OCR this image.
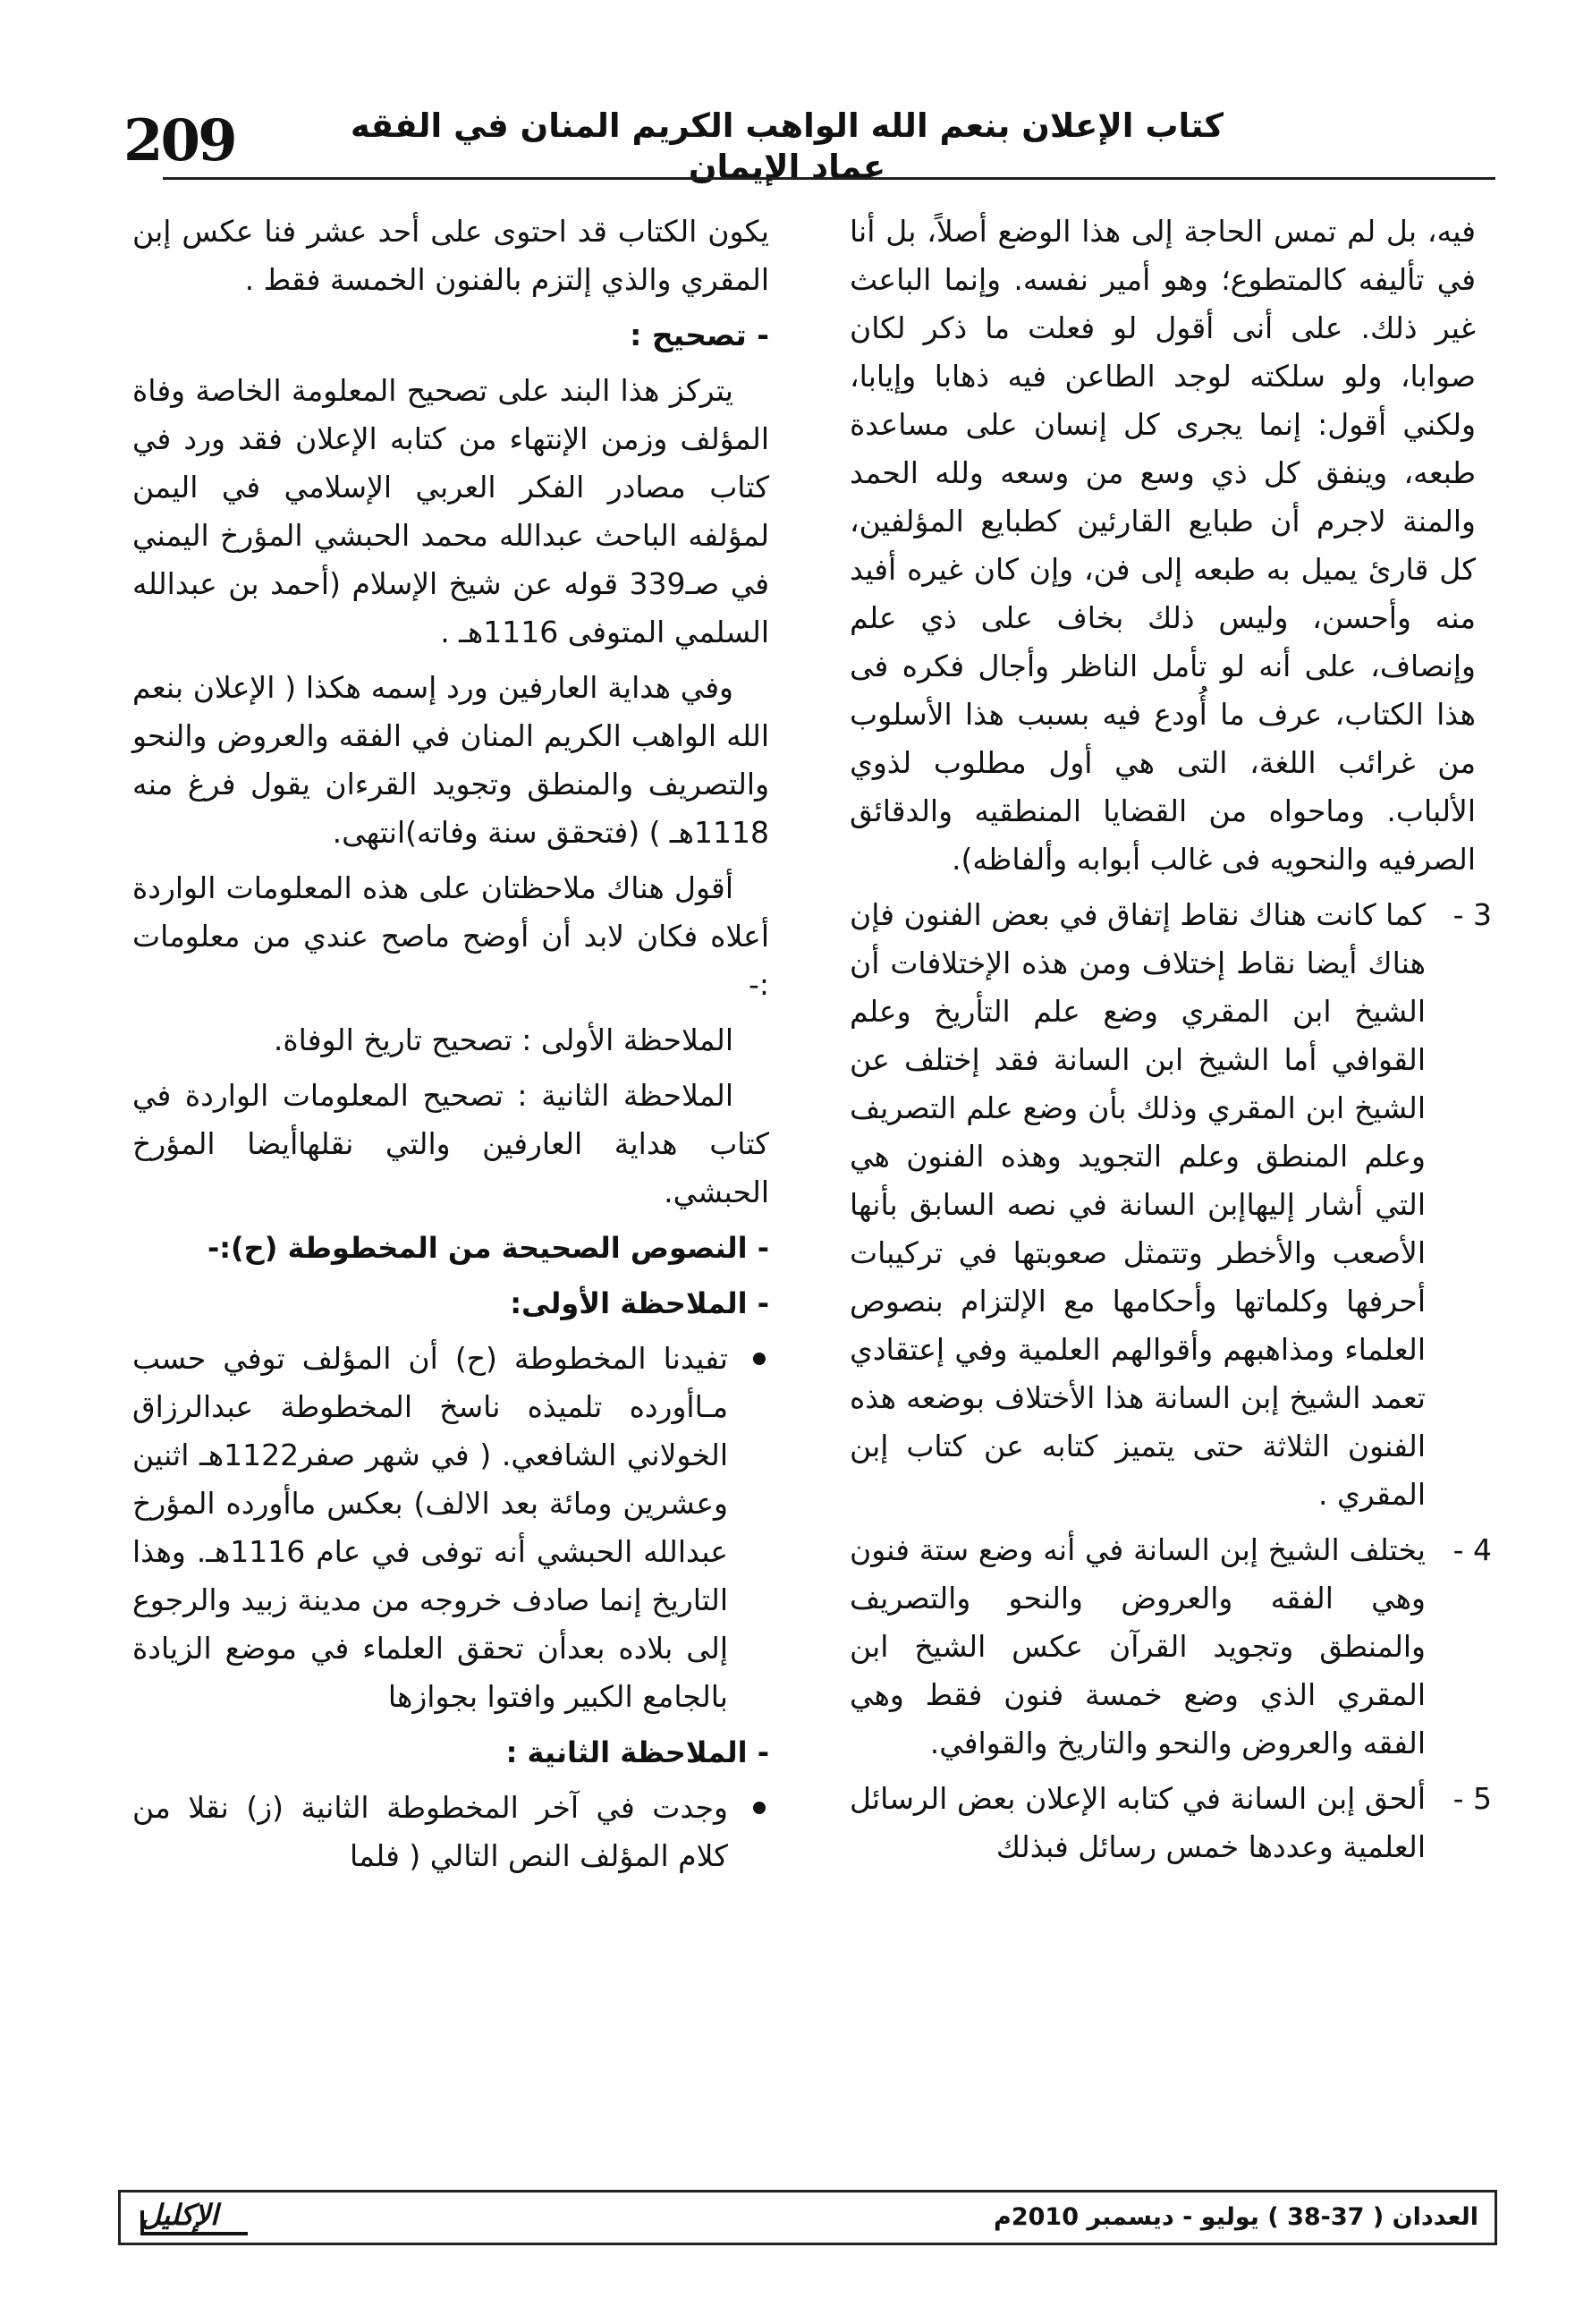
209	كتاب الإعلان بنعم الله الواهب الكريم المنان في الفقه عماد الإيمان

فيه، بل لم تمس الحاجة إلى هذا الوضع أصلاً، بل أنا في تأليفه كالمتطوع؛ وهو أمير نفسه. وإنما الباعث غير ذلك. على أنى أقول لو فعلت ما ذكر لكان صوابا، ولو سلكته لوجد الطاعن فيه ذهابا وإيابا، ولكني أقول: إنما يجرى كل إنسان على مساعدة طبعه، وينفق كل ذي وسع من وسعه ولله الحمد والمنة لاجرم أن طبايع القارئين كطبايع المؤلفين، كل قارئ يميل به طبعه إلى فن، وإن كان غيره أفيد منه وأحسن، وليس ذلك بخاف على ذي علم وإنصاف، على أنه لو تأمل الناظر وأجال فكره فى هذا الكتاب، عرف ما أُودع فيه بسبب هذا الأسلوب من غرائب اللغة، التى هي أول مطلوب لذوي الألباب. وماحواه من القضايا المنطقيه والدقائق الصرفيه والنحويه فى غالب أبوابه وألفاظه).

3 -
كما كانت هناك نقاط إتفاق في بعض الفنون فإن هناك أيضا نقاط إختلاف ومن هذه الإختلافات أن الشيخ ابن المقري وضع علم التأريخ وعلم القوافي أما الشيخ ابن السانة فقد إختلف عن الشيخ ابن المقري وذلك بأن وضع علم التصريف وعلم المنطق وعلم التجويد وهذه الفنون هي التي أشار إليهاإبن السانة في نصه السابق بأنها الأصعب والأخطر وتتمثل صعوبتها في تركيبات أحرفها وكلماتها وأحكامها مع الإلتزام بنصوص العلماء ومذاهبهم وأقوالهم العلمية وفي إعتقادي تعمد الشيخ إبن السانة هذا الأختلاف بوضعه هذه الفنون الثلاثة حتى يتميز كتابه عن كتاب إبن المقري .
4 -
يختلف الشيخ إبن السانة في أنه وضع ستة فنون وهي الفقه والعروض والنحو والتصريف والمنطق وتجويد القرآن عكس الشيخ ابن المقري الذي وضع خمسة فنون فقط وهي الفقه والعروض والنحو والتاريخ والقوافي.
5 -
ألحق إبن السانة في كتابه الإعلان بعض الرسائل العلمية وعددها خمس رسائل فبذلك

يكون الكتاب قد احتوى على أحد عشر فنا عكس إبن المقري والذي إلتزم بالفنون الخمسة فقط .

- تصحيح :

يتركز هذا البند على تصحيح المعلومة الخاصة وفاة المؤلف وزمن الإنتهاء من كتابه الإعلان فقد ورد في كتاب مصادر الفكر العربي الإسلامي في اليمن لمؤلفه الباحث عبدالله محمد الحبشي المؤرخ اليمني في صـ339 قوله عن شيخ الإسلام (أحمد بن عبدالله السلمي المتوفى 1116هـ .

وفي هداية العارفين ورد إسمه هكذا ( الإعلان بنعم الله الواهب الكريم المنان في الفقه والعروض والنحو والتصريف والمنطق وتجويد القرءان يقول فرغ منه 1118هـ ) (فتحقق سنة وفاته)انتهى.

أقول هناك ملاحظتان على هذه المعلومات الواردة أعلاه فكان لابد أن أوضح ماصح عندي من معلومات :-

الملاحظة الأولى : تصحيح تاريخ الوفاة.

الملاحظة الثانية : تصحيح المعلومات الواردة في كتاب هداية العارفين والتي نقلهاأيضا المؤرخ الحبشي.

- النصوص الصحيحة من المخطوطة (ح):-

- الملاحظة الأولى:

تفيدنا المخطوطة (ح) أن المؤلف توفي حسب مـاأورده تلميذه ناسخ المخطوطة عبدالرزاق الخولاني الشافعي. ( في شهر صفر1122هـ اثنين وعشرين ومائة بعد الالف) بعكس ماأورده المؤرخ عبدالله الحبشي أنه توفى في عام 1116هـ. وهذا التاريخ إنما صادف خروجه من مدينة زبيد والرجوع إلى بلاده بعدأن تحقق العلماء في موضع الزيادة بالجامع الكبير وافتوا بجوازها

- الملاحظة الثانية :

وجدت في آخر المخطوطة الثانية (ز) نقلا من كلام المؤلف النص التالي ( فلما
العددان ( 37-38 ) يوليو - ديسمبر 2010م
الإكليل
